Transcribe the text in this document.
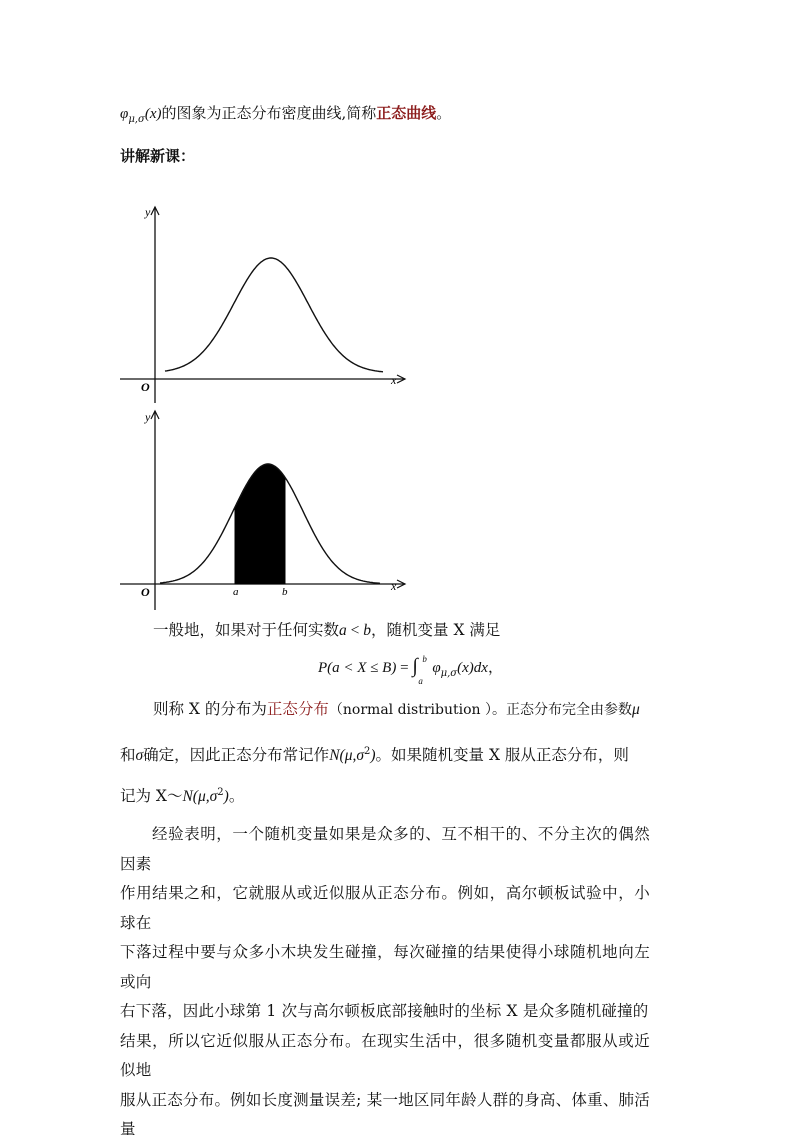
$\varphi_{\mu,\sigma}(x)$的图象为正态分布密度曲线,简称正态曲线。
讲解新课：
y
x
O
y
x
O	a	b
一般地，如果对于任何实数a < b，随机变量 X 满足
P(a < X ≤ B) = ∫ b
a
$\varphi_{\mu,\sigma}(x)dx$，
则称 X 的分布为正态分布（normal distribution ）。正态分布完全由参数μ
和σ确定，因此正态分布常记作$N(\mu,\sigma^2)$。如果随机变量 X 服从正态分布，则
记为 $X\sim N(\mu,\sigma^2)$。
经验表明，一个随机变量如果是众多的、互不相干的、不分主次的偶然因素
作用结果之和，它就服从或近似服从正态分布。例如，高尔顿板试验中，小球在
下落过程中要与众多小木块发生碰撞，每次碰撞的结果使得小球随机地向左或向
右下落，因此小球第 1 次与高尔顿板底部接触时的坐标 X 是众多随机碰撞的
结果，所以它近似服从正态分布。在现实生活中，很多随机变量都服从或近似地
服从正态分布。例如长度测量误差; 某一地区同年龄人群的身高、体重、肺活量
